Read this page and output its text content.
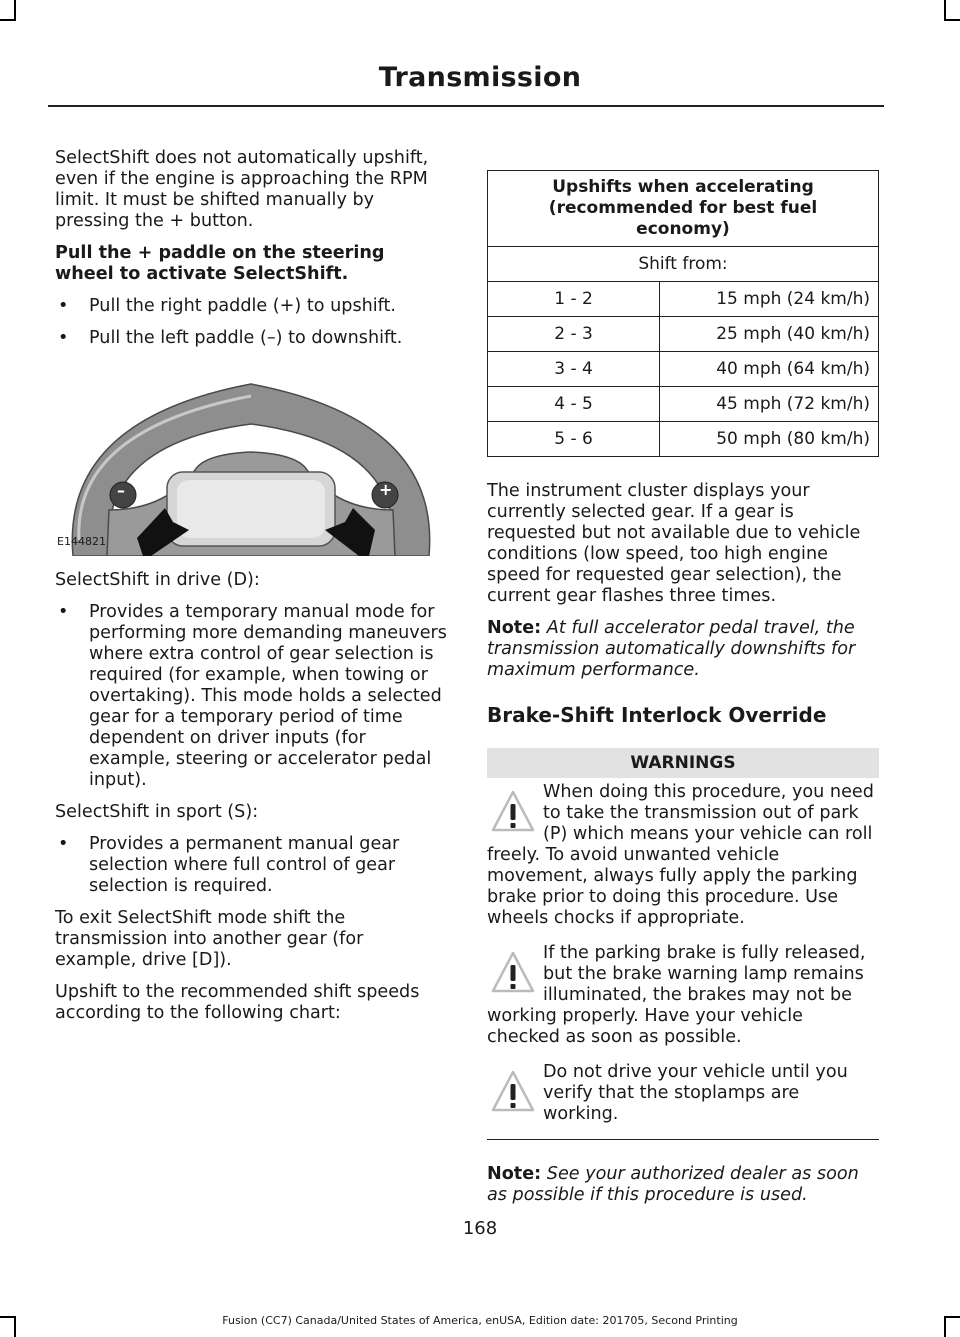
Transmission

SelectShift does not automatically upshift, even if the engine is approaching the RPM limit. It must be shifted manually by pressing the + button.

Pull the + paddle on the steering wheel to activate SelectShift.

• Pull the right paddle (+) to upshift.
• Pull the left paddle (–) to downshift.
–	+
E144821

SelectShift in drive (D):

• Provides a temporary manual mode for performing more demanding maneuvers where extra control of gear selection is required (for example, when towing or overtaking). This mode holds a selected gear for a temporary period of time dependent on driver inputs (for example, steering or accelerator pedal input).

SelectShift in sport (S):

• Provides a permanent manual gear selection where full control of gear selection is required.

To exit SelectShift mode shift the transmission into another gear (for example, drive [D]).

Upshift to the recommended shift speeds according to the following chart:

Upshifts when accelerating (recommended for best fuel economy)	
Shift from:	
1 - 2	15 mph (24 km/h)
2 - 3	25 mph (40 km/h)
3 - 4	40 mph (64 km/h)
4 - 5	45 mph (72 km/h)
5 - 6	50 mph (80 km/h)

The instrument cluster displays your currently selected gear. If a gear is requested but not available due to vehicle conditions (low speed, too high engine speed for requested gear selection), the current gear flashes three times.

Note: At full accelerator pedal travel, the transmission automatically downshifts for maximum performance.

Brake-Shift Interlock Override
WARNINGS
When doing this procedure, you need to take the transmission out of park (P) which means your vehicle can roll freely. To avoid unwanted vehicle movement, always fully apply the parking brake prior to doing this procedure. Use wheels chocks if appropriate.
If the parking brake is fully released, but the brake warning lamp remains illuminated, the brakes may not be working properly. Have your vehicle checked as soon as possible.
Do not drive your vehicle until you verify that the stoplamps are working.

Note: See your authorized dealer as soon as possible if this procedure is used.

168
Fusion (CC7) Canada/United States of America, enUSA, Edition date: 201705, Second Printing
